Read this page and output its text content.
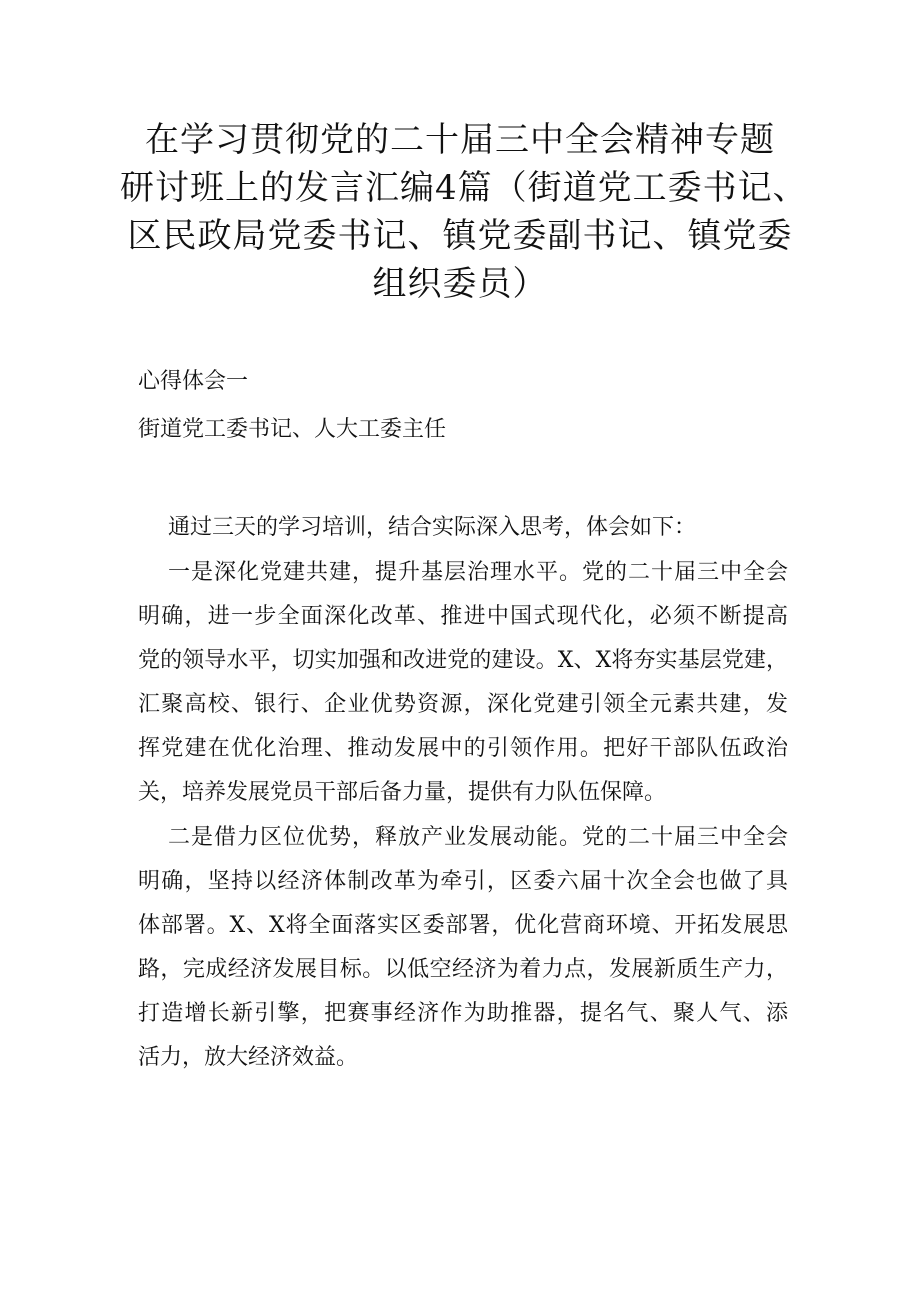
在学习贯彻党的二十届三中全会精神专题
研讨班上的发言汇编4篇（街道党工委书记、
区民政局党委书记、镇党委副书记、镇党委
组织委员）
心得体会一
街道党工委书记、人大工委主任
通过三天的学习培训，结合实际深入思考，体会如下：
一是深化党建共建，提升基层治理水平。党的二十届三中全会
明确，进一步全面深化改革、推进中国式现代化，必须不断提高
党的领导水平，切实加强和改进党的建设。X、X将夯实基层党建，
汇聚高校、银行、企业优势资源，深化党建引领全元素共建，发
挥党建在优化治理、推动发展中的引领作用。把好干部队伍政治
关，培养发展党员干部后备力量，提供有力队伍保障。
二是借力区位优势，释放产业发展动能。党的二十届三中全会
明确，坚持以经济体制改革为牵引，区委六届十次全会也做了具
体部署。X、X将全面落实区委部署，优化营商环境、开拓发展思
路，完成经济发展目标。以低空经济为着力点，发展新质生产力，
打造增长新引擎，把赛事经济作为助推器，提名气、聚人气、添
活力，放大经济效益。
